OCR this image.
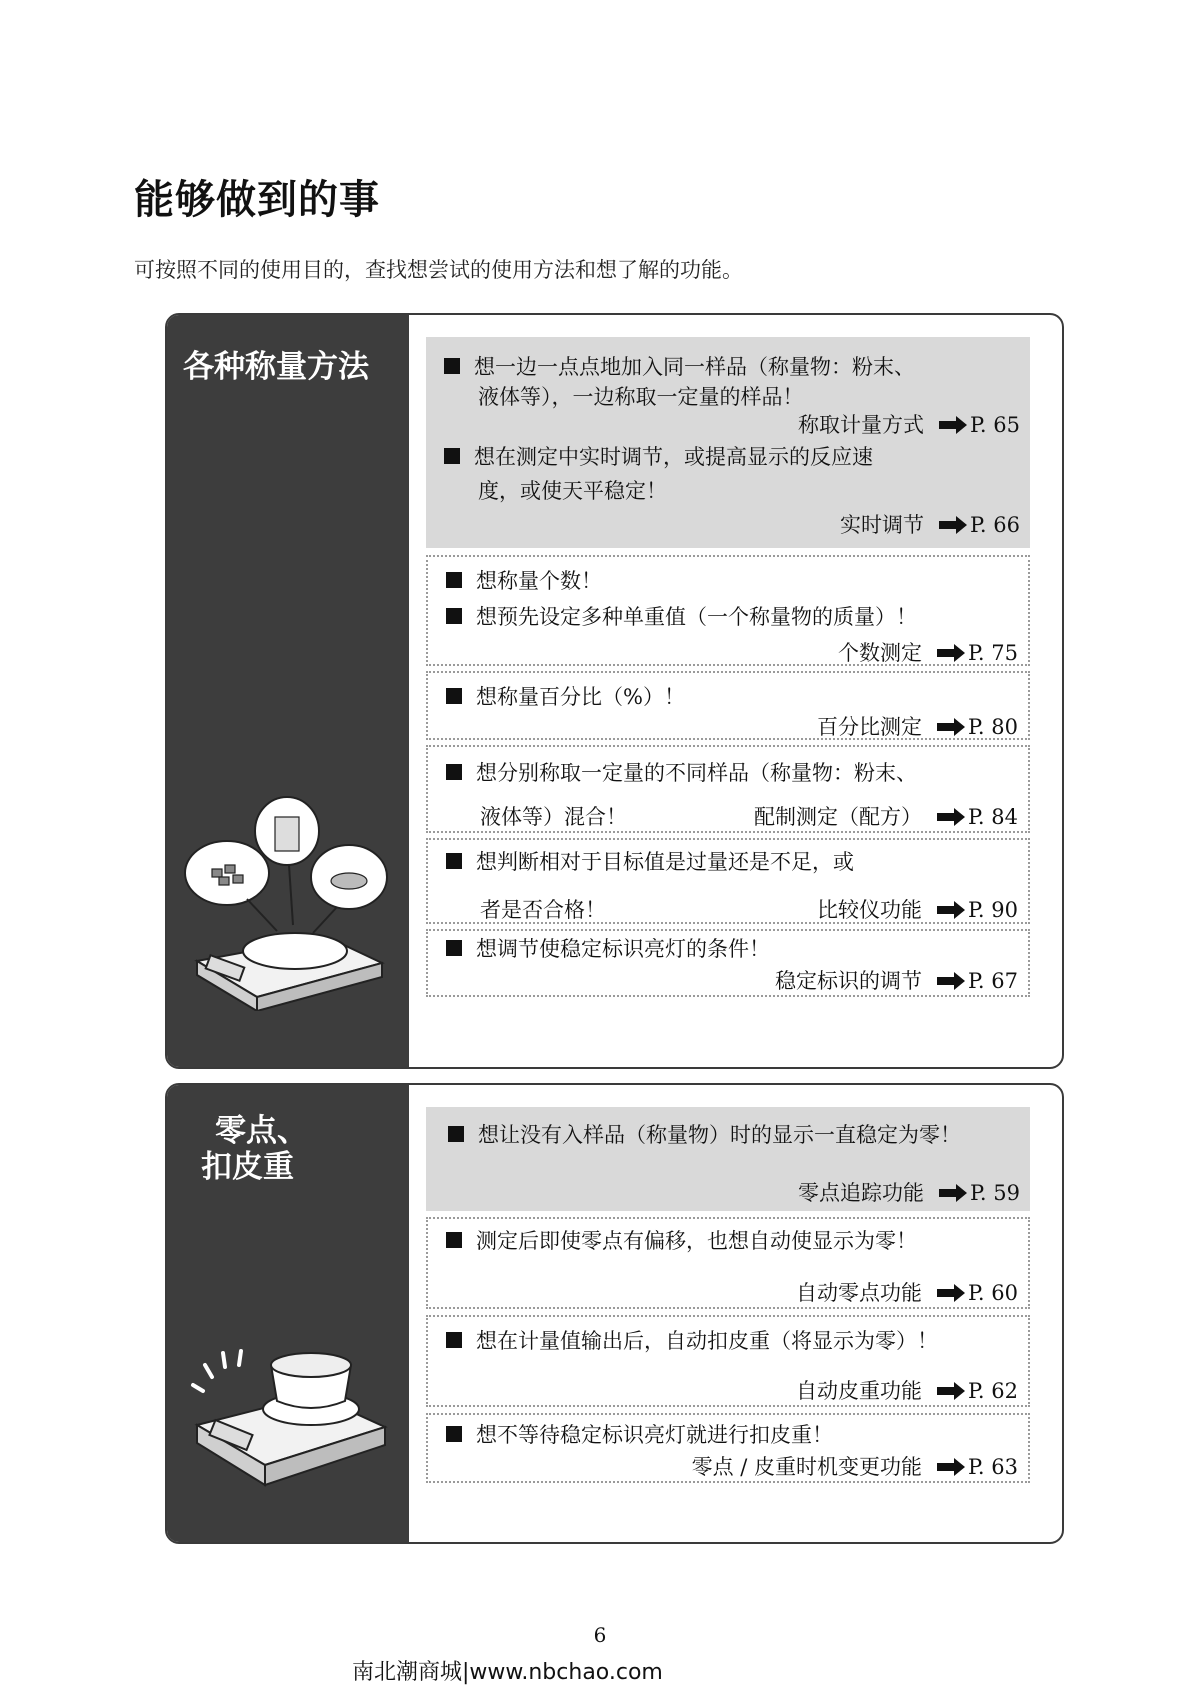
能够做到的事
可按照不同的使用目的，查找想尝试的使用方法和想了解的功能。
各种称量方法	想一边一点点地加入同一样品（称量物：粉末、
液体等），一边称取一定量的样品！
称取计量方式 P. 65
想在测定中实时调节，或提高显示的反应速
度，或使天平稳定！
实时调节 P. 66
想称量个数！
想预先设定多种单重值（一个称量物的质量）！
个数测定 P. 75
想称量百分比（%）！
百分比测定 P. 80
想分别称取一定量的不同样品（称量物：粉末、
液体等）混合！	配制测定（配方） P. 84
想判断相对于目标值是过量还是不足，或
者是否合格！	比较仪功能 P. 90
想调节使稳定标识亮灯的条件！
稳定标识的调节 P. 67
零点、
扣皮重
想让没有入样品（称量物）时的显示一直稳定为零！
零点追踪功能 P. 59
测定后即使零点有偏移，也想自动使显示为零！
自动零点功能 P. 60
想在计量值输出后，自动扣皮重（将显示为零）！
自动皮重功能 P. 62
想不等待稳定标识亮灯就进行扣皮重！
零点 / 皮重时机变更功能 P. 63
6
南北潮商城|www.nbchao.com
